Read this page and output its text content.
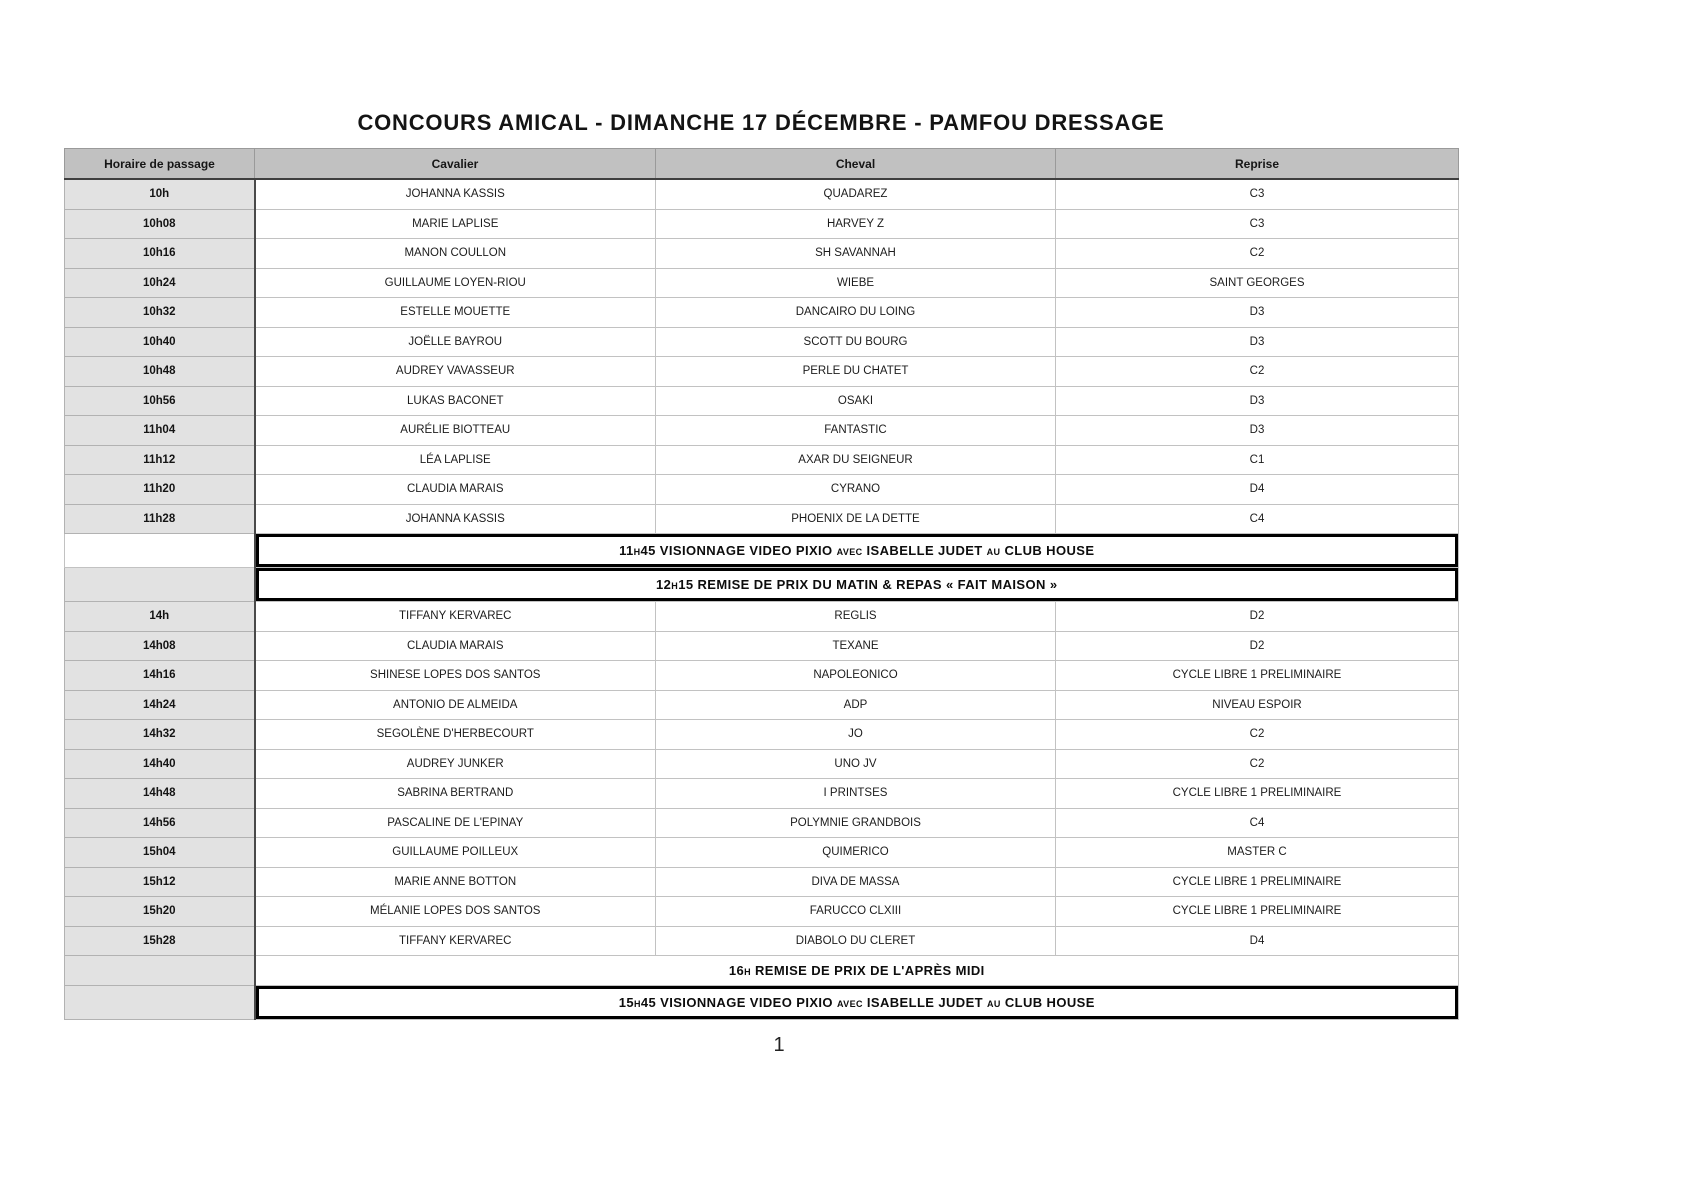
CONCOURS AMICAL - DIMANCHE 17 DÉCEMBRE - PAMFOU DRESSAGE
Horaire de passage	Cavalier	Cheval	Reprise
10h	JOHANNA KASSIS	QUADAREZ	C3
10h08	MARIE LAPLISE	HARVEY Z	C3
10h16	MANON COULLON	SH SAVANNAH	C2
10h24	GUILLAUME LOYEN-RIOU	WIEBE	SAINT GEORGES
10h32	ESTELLE MOUETTE	DANCAIRO DU LOING	D3
10h40	JOËLLE BAYROU	SCOTT DU BOURG	D3
10h48	AUDREY VAVASSEUR	PERLE DU CHATET	C2
10h56	LUKAS BACONET	OSAKI	D3
11h04	AURÉLIE BIOTTEAU	FANTASTIC	D3
11h12	LÉA LAPLISE	AXAR DU SEIGNEUR	C1
11h20	CLAUDIA MARAIS	CYRANO	D4
11h28	JOHANNA KASSIS	PHOENIX DE LA DETTE	C4
	11h45 VISIONNAGE VIDEO PIXIO avec ISABELLE JUDET au CLUB HOUSE		
	12h15 REMISE DE PRIX DU MATIN & REPAS « FAIT MAISON »		
14h	TIFFANY KERVAREC	REGLIS	D2
14h08	CLAUDIA MARAIS	TEXANE	D2
14h16	SHINESE LOPES DOS SANTOS	NAPOLEONICO	CYCLE LIBRE 1 PRELIMINAIRE
14h24	ANTONIO DE ALMEIDA	ADP	NIVEAU ESPOIR
14h32	SEGOLÈNE D'HERBECOURT	JO	C2
14h40	AUDREY JUNKER	UNO JV	C2
14h48	SABRINA BERTRAND	I PRINTSES	CYCLE LIBRE 1 PRELIMINAIRE
14h56	PASCALINE DE L'EPINAY	POLYMNIE GRANDBOIS	C4
15h04	GUILLAUME POILLEUX	QUIMERICO	MASTER C
15h12	MARIE ANNE BOTTON	DIVA DE MASSA	CYCLE LIBRE 1 PRELIMINAIRE
15h20	MÉLANIE LOPES DOS SANTOS	FARUCCO CLXIII	CYCLE LIBRE 1 PRELIMINAIRE
15h28	TIFFANY KERVAREC	DIABOLO DU CLERET	D4
	16h REMISE DE PRIX DE L'APRÈS MIDI		
	15h45 VISIONNAGE VIDEO PIXIO avec ISABELLE JUDET au CLUB HOUSE		
1
